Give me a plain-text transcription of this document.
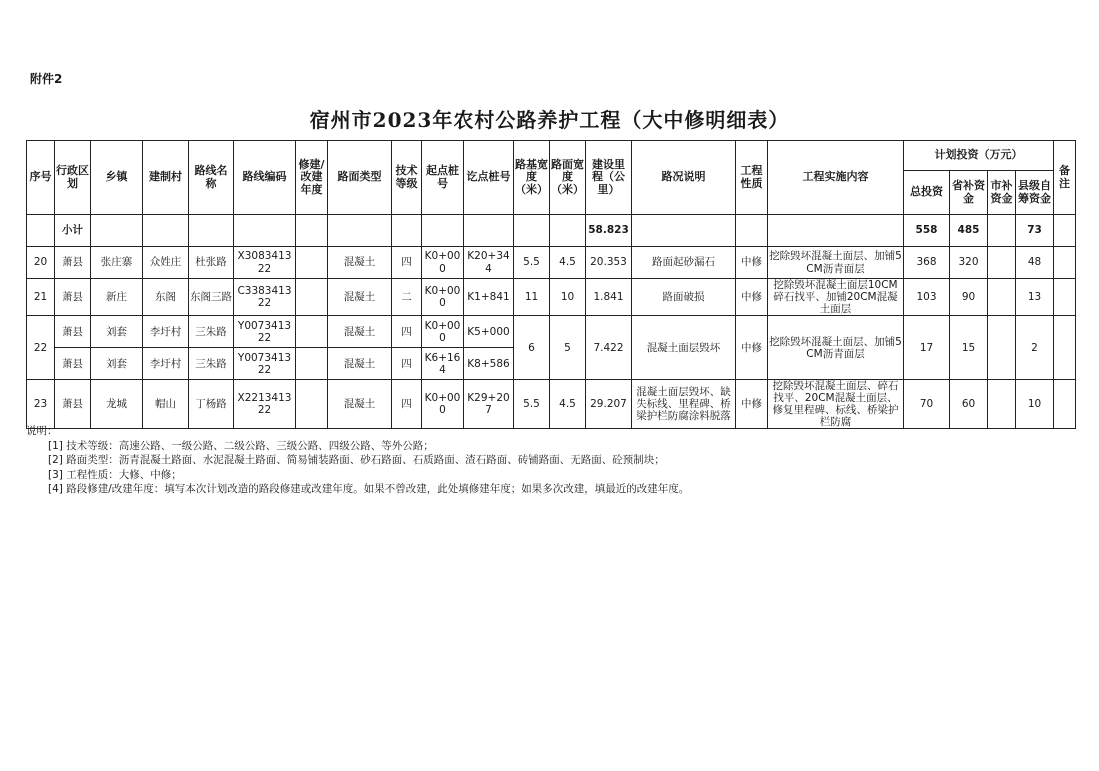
附件2
宿州市2023年农村公路养护工程（大中修明细表）
序号	行政区划	乡镇	建制村	路线名称	路线编码	修建/改建年度	路面类型	技术等级	起点桩号	讫点桩号	路基宽度（米）	路面宽度（米）	建设里程（公里）	路况说明	工程性质	工程实施内容	计划投资（万元）				备注
																	总投资	省补资金	市补资金	县级自筹资金	
	小计												58.823				558	485		73	
20	萧县	张庄寨	众姓庄	杜张路	X308341322		混凝土	四	K0+000	K20+344	5.5	4.5	20.353	路面起砂漏石	中修	挖除毁坏混凝土面层、加铺5CM沥青面层	368	320		48	
21	萧县	新庄	东阁	东阁三路	C338341322		混凝土	二	K0+000	K1+841	11	10	1.841	路面破损	中修	挖除毁坏混凝土面层10CM碎石找平、加铺20CM混凝土面层	103	90		13	
22	萧县	刘套	李圩村	三朱路	Y007341322		混凝土	四	K0+000	K5+000	6	5	7.422	混凝土面层毁坏	中修	挖除毁坏混凝土面层、加铺5CM沥青面层	17	15		2	
	萧县	刘套	李圩村	三朱路	Y007341322		混凝土	四	K6+164	K8+586											
23	萧县	龙城	帽山	丁杨路	X221341322		混凝土	四	K0+000	K29+207	5.5	4.5	29.207	混凝土面层毁坏、缺失标线、里程碑、桥梁护栏防腐涂料脱落	中修	挖除毁坏混凝土面层、碎石找平、20CM混凝土面层、修复里程碑、标线、桥梁护栏防腐	70	60		10	
说明：
[1] 技术等级：高速公路、一级公路、二级公路、三级公路、四级公路、等外公路；
[2] 路面类型：沥青混凝土路面、水泥混凝土路面、简易铺装路面、砂石路面、石质路面、渣石路面、砖铺路面、无路面、砼预制块；
[3] 工程性质：大修、中修；
[4] 路段修建/改建年度：填写本次计划改造的路段修建或改建年度。如果不曾改建，此处填修建年度；如果多次改建，填最近的改建年度。
